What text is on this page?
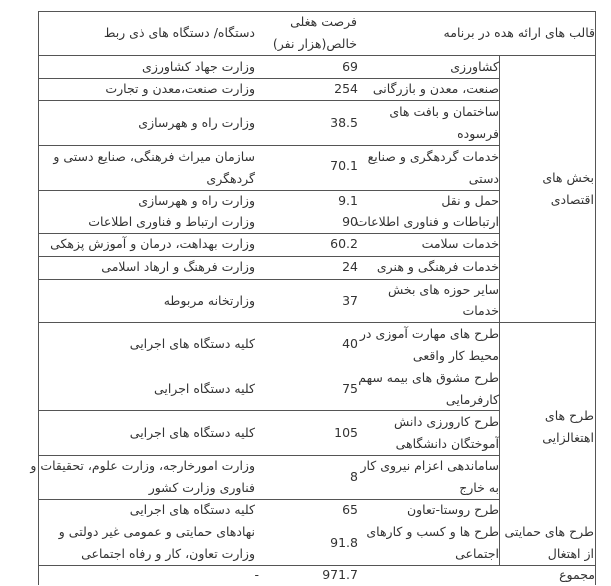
قالب های ارائه هده در برنامه
فرصت هغلی
خالص(هزار نفر)
دستگاه/ دستگاه های ذی ربط
بخش های
اقتصادی
طرح های
اهتغالزایی
طرح های حمایتی
از اهتغال
کشاورزی
69
وزارت جهاد کشاورزی
صنعت، معدن و بازرگانی
254
وزارت صنعت،معدن و تجارت
ساختمان و بافت های
فرسوده
38.5
وزارت راه و ههرسازی
خدمات گردهگری و صنایع
دستی
70.1
سازمان میراث فرهنگی، صنایع دستی و
گردهگری
حمل و نقل
9.1
وزارت راه و ههرسازی
ارتباطات و فناوری اطلاعات
90
وزارت ارتباط و فناوری اطلاعات
خدمات سلامت
60.2
وزارت بهداهت، درمان و آموزش پزهکی
خدمات فرهنگی و هنری
24
وزارت فرهنگ و ارهاد اسلامی
سایر حوزه های بخش
خدمات
37
وزارتخانه مربوطه
طرح های مهارت آموزی در
محیط کار واقعی
40
کلیه دستگاه های اجرایی
طرح مشوق های بیمه سهم
کارفرمایی
75
کلیه دستگاه اجرایی
طرح کارورزی دانش
آموختگان دانشگاهی
105
کلیه دستگاه های اجرایی
ساماندهی اعزام نیروی کار
به خارج
8
وزارت امورخارجه، وزارت علوم، تحقیقات و
فناوری وزارت کشور
طرح روستا-تعاون
65
کلیه دستگاه های اجرایی
طرح ها و کسب و کارهای
اجتماعی
91.8
نهادهای حمایتی و عمومی غیر دولتی و
وزارت تعاون، کار و رفاه اجتماعی
مجموع
971.7
-
